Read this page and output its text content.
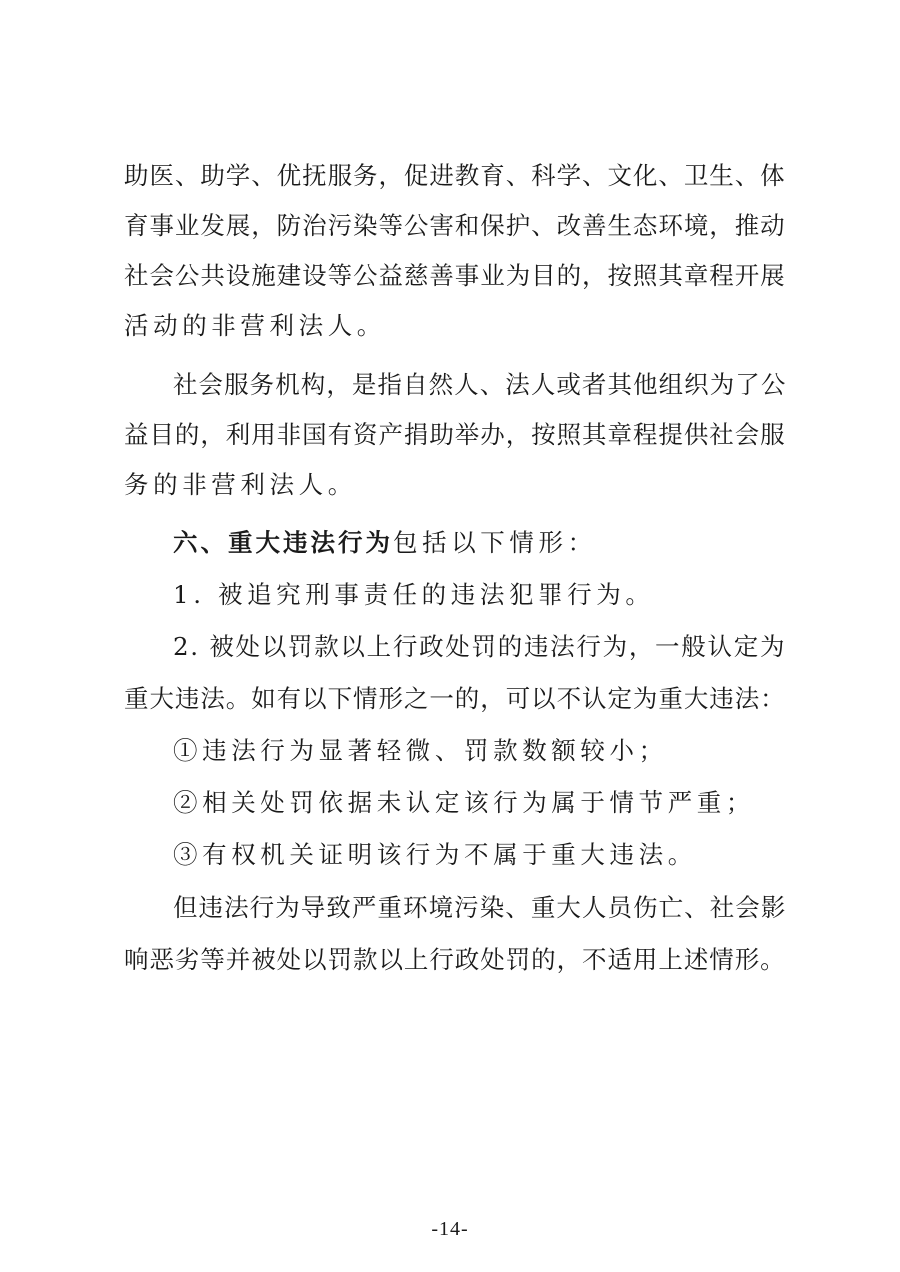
助医、助学、优抚服务，促进教育、科学、文化、卫生、体
育事业发展，防治污染等公害和保护、改善生态环境，推动
社会公共设施建设等公益慈善事业为目的，按照其章程开展
活动的非营利法人。
社会服务机构，是指自然人、法人或者其他组织为了公
益目的，利用非国有资产捐助举办，按照其章程提供社会服
务的非营利法人。
六、重大违法行为包括以下情形：
1. 被追究刑事责任的违法犯罪行为。
2. 被处以罚款以上行政处罚的违法行为，一般认定为
重大违法。如有以下情形之一的，可以不认定为重大违法：
①违法行为显著轻微、罚款数额较小；
②相关处罚依据未认定该行为属于情节严重；
③有权机关证明该行为不属于重大违法。
但违法行为导致严重环境污染、重大人员伤亡、社会影
响恶劣等并被处以罚款以上行政处罚的，不适用上述情形。
-14-
